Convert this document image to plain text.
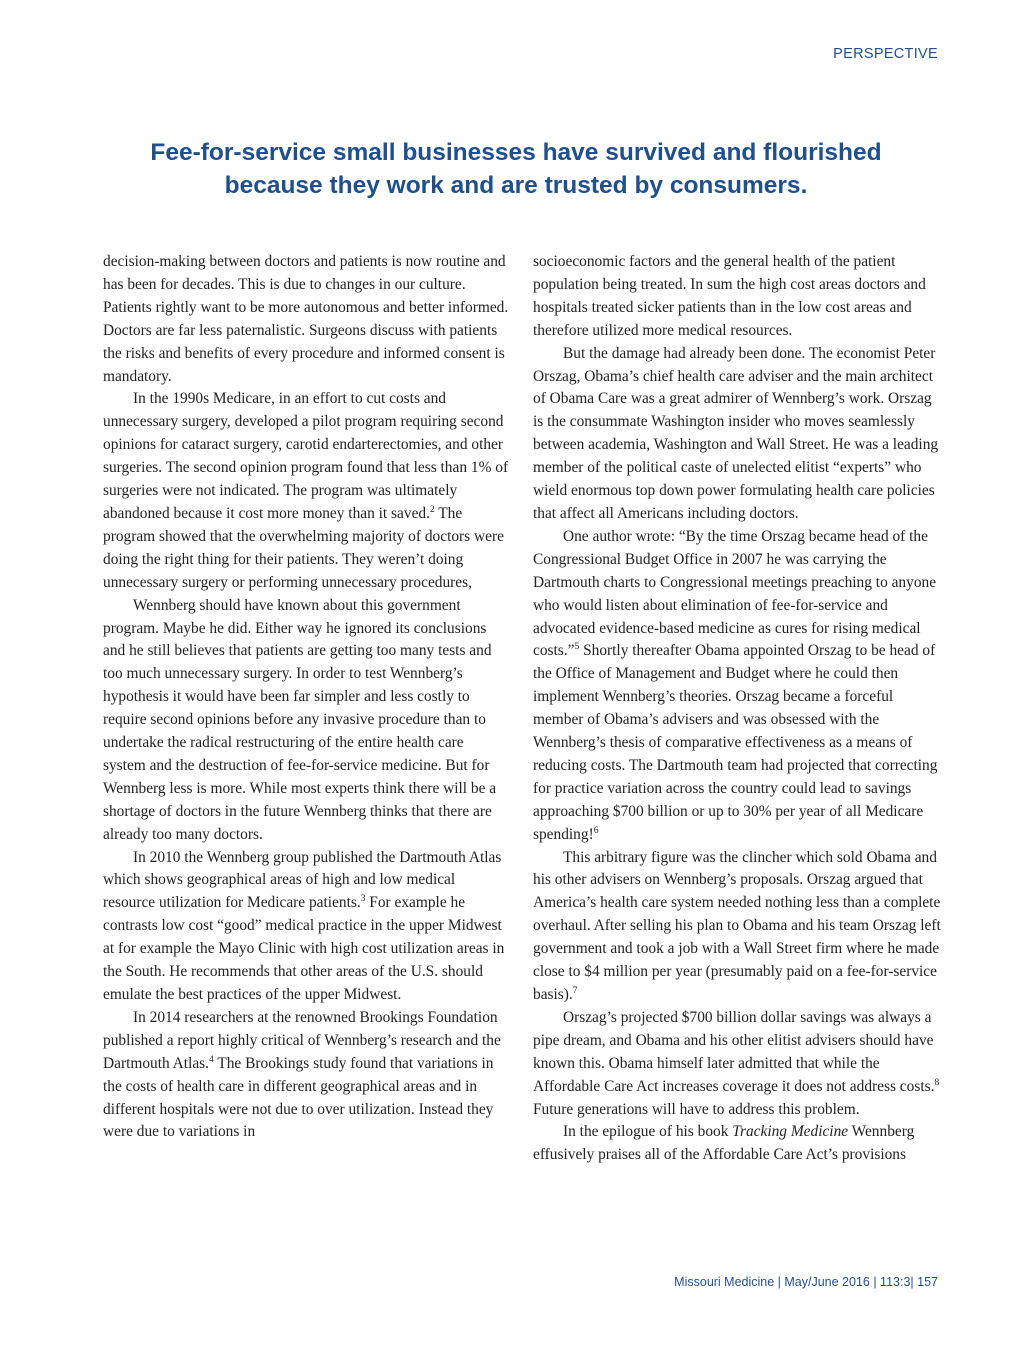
PERSPECTIVE
Fee-for-service small businesses have survived and flourished
because they work and are trusted by consumers.

decision-making between doctors and patients is now routine and has been for decades. This is due to changes in our culture. Patients rightly want to be more autonomous and better informed. Doctors are far less paternalistic. Surgeons discuss with patients the risks and benefits of every procedure and informed consent is mandatory.

In the 1990s Medicare, in an effort to cut costs and unnecessary surgery, developed a pilot program requiring second opinions for cataract surgery, carotid endarterectomies, and other surgeries. The second opinion program found that less than 1% of surgeries were not indicated. The program was ultimately abandoned because it cost more money than it saved.$^2$ The program showed that the overwhelming majority of doctors were doing the right thing for their patients. They weren’t doing unnecessary surgery or performing unnecessary procedures,

Wennberg should have known about this government program. Maybe he did. Either way he ignored its conclusions and he still believes that patients are getting too many tests and too much unnecessary surgery. In order to test Wennberg’s hypothesis it would have been far simpler and less costly to require second opinions before any invasive procedure than to undertake the radical restructuring of the entire health care system and the destruction of fee-for-service medicine. But for Wennberg less is more. While most experts think there will be a shortage of doctors in the future Wennberg thinks that there are already too many doctors.

In 2010 the Wennberg group published the Dartmouth Atlas which shows geographical areas of high and low medical resource utilization for Medicare patients.$^3$ For example he contrasts low cost “good” medical practice in the upper Midwest at for example the Mayo Clinic with high cost utilization areas in the South. He recommends that other areas of the U.S. should emulate the best practices of the upper Midwest.

In 2014 researchers at the renowned Brookings Foundation published a report highly critical of Wennberg’s research and the Dartmouth Atlas.$^4$ The Brookings study found that variations in the costs of health care in different geographical areas and in different hospitals were not due to over utilization. Instead they were due to variations in

socioeconomic factors and the general health of the patient population being treated. In sum the high cost areas doctors and hospitals treated sicker patients than in the low cost areas and therefore utilized more medical resources.

But the damage had already been done. The economist Peter Orszag, Obama’s chief health care adviser and the main architect of Obama Care was a great admirer of Wennberg’s work. Orszag is the consummate Washington insider who moves seamlessly between academia, Washington and Wall Street. He was a leading member of the political caste of unelected elitist “experts” who wield enormous top down power formulating health care policies that affect all Americans including doctors.

One author wrote: “By the time Orszag became head of the Congressional Budget Office in 2007 he was carrying the Dartmouth charts to Congressional meetings preaching to anyone who would listen about elimination of fee-for-service and advocated evidence-based medicine as cures for rising medical costs.”$^5$ Shortly thereafter Obama appointed Orszag to be head of the Office of Management and Budget where he could then implement Wennberg’s theories. Orszag became a forceful member of Obama’s advisers and was obsessed with the Wennberg’s thesis of comparative effectiveness as a means of reducing costs. The Dartmouth team had projected that correcting for practice variation across the country could lead to savings approaching $700 billion or up to 30% per year of all Medicare spending!$^6$

This arbitrary figure was the clincher which sold Obama and his other advisers on Wennberg’s proposals. Orszag argued that America’s health care system needed nothing less than a complete overhaul. After selling his plan to Obama and his team Orszag left government and took a job with a Wall Street firm where he made close to $4 million per year (presumably paid on a fee-for-service basis).$^7$

Orszag’s projected $700 billion dollar savings was always a pipe dream, and Obama and his other elitist advisers should have known this. Obama himself later admitted that while the Affordable Care Act increases coverage it does not address costs.$^8$ Future generations will have to address this problem.

In the epilogue of his book Tracking Medicine Wennberg effusively praises all of the Affordable Care Act’s provisions

Missouri Medicine | May/June 2016 | 113:3| 157
